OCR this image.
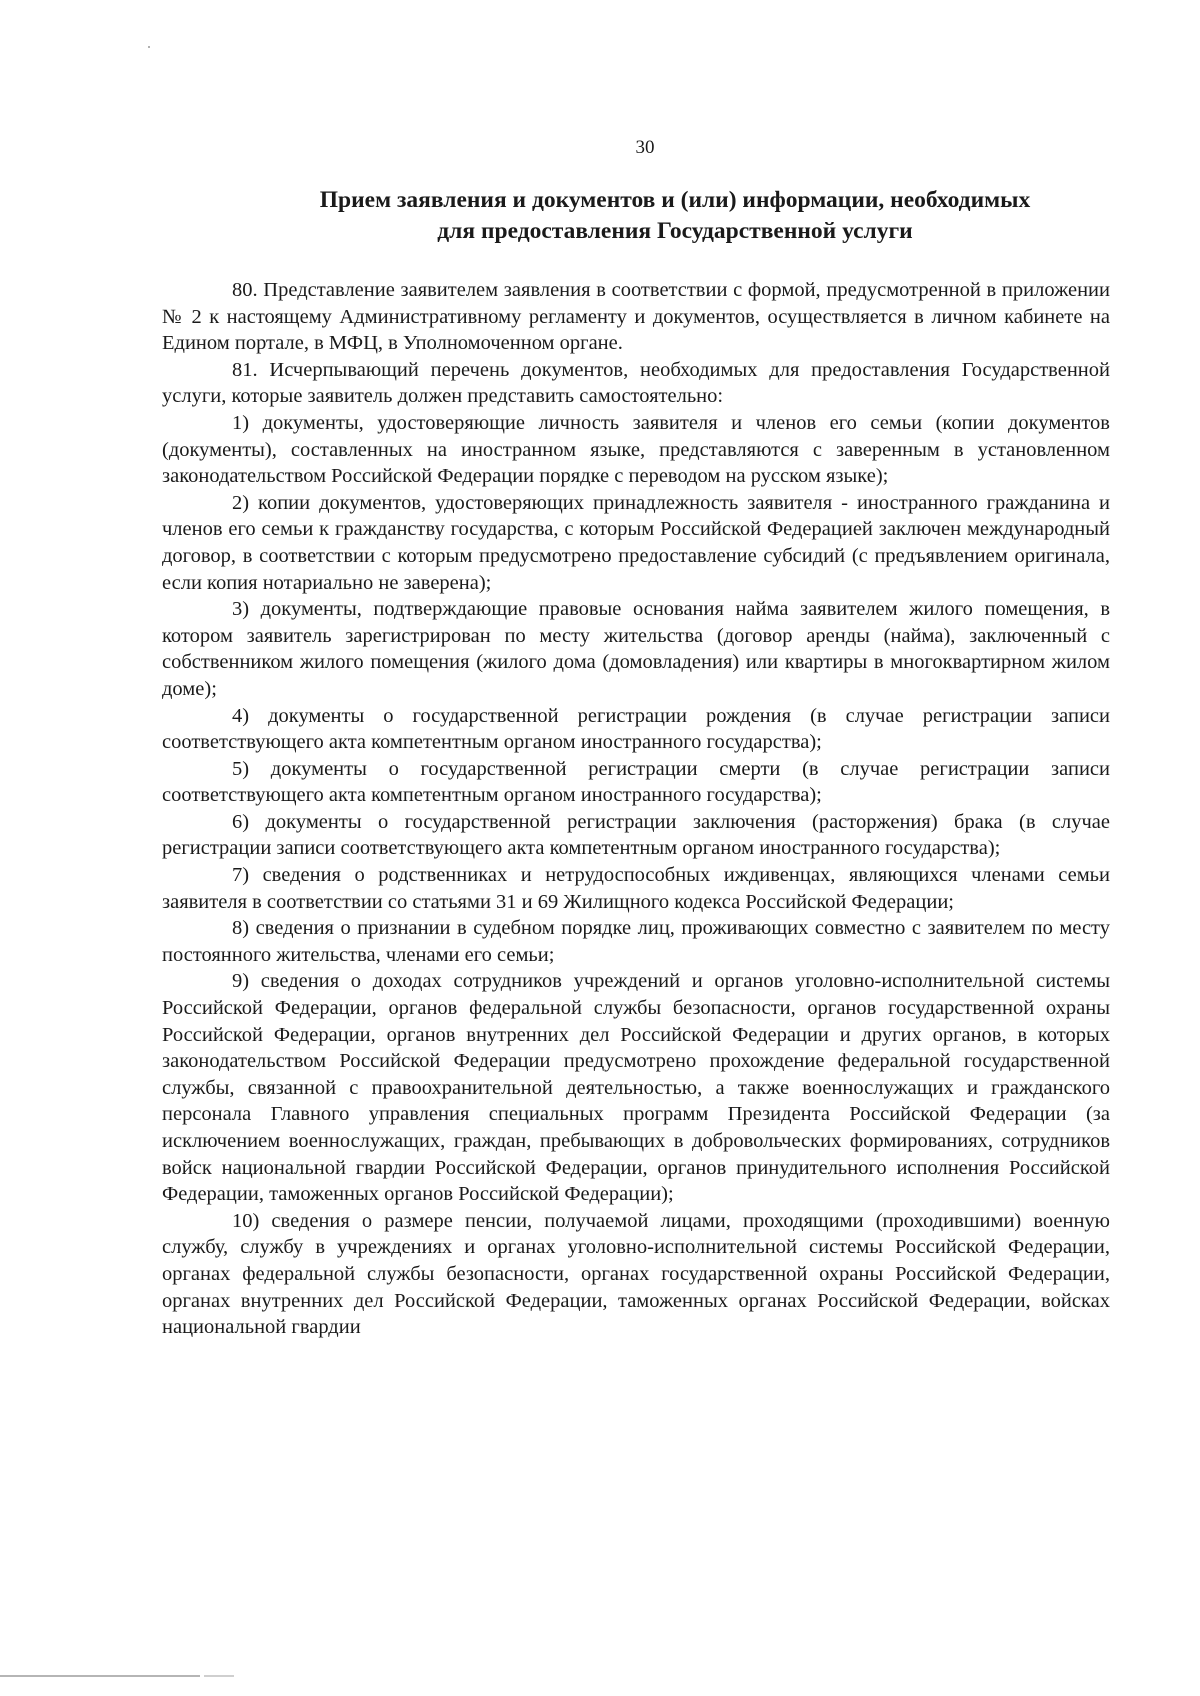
30
Прием заявления и документов и (или) информации, необходимых
для предоставления Государственной услуги

80. Представление заявителем заявления в соответствии с формой, предусмотренной в приложении № 2 к настоящему Административному регламенту и документов, осуществляется в личном кабинете на Едином портале, в МФЦ, в Уполномоченном органе.

81. Исчерпывающий перечень документов, необходимых для предоставления Государственной услуги, которые заявитель должен представить самостоятельно:

1) документы, удостоверяющие личность заявителя и членов его семьи (копии документов (документы), составленных на иностранном языке, представляются с заверенным в установленном законодательством Российской Федерации порядке с переводом на русском языке);

2) копии документов, удостоверяющих принадлежность заявителя - иностранного гражданина и членов его семьи к гражданству государства, с которым Российской Федерацией заключен международный договор, в соответствии с которым предусмотрено предоставление субсидий (с предъявлением оригинала, если копия нотариально не заверена);

3) документы, подтверждающие правовые основания найма заявителем жилого помещения, в котором заявитель зарегистрирован по месту жительства (договор аренды (найма), заключенный с собственником жилого помещения (жилого дома (домовладения) или квартиры в многоквартирном жилом доме);

4) документы о государственной регистрации рождения (в случае регистрации записи соответствующего акта компетентным органом иностранного государства);

5) документы о государственной регистрации смерти (в случае регистрации записи соответствующего акта компетентным органом иностранного государства);

6) документы о государственной регистрации заключения (расторжения) брака (в случае регистрации записи соответствующего акта компетентным органом иностранного государства);

7) сведения о родственниках и нетрудоспособных иждивенцах, являющихся членами семьи заявителя в соответствии со статьями 31 и 69 Жилищного кодекса Российской Федерации;

8) сведения о признании в судебном порядке лиц, проживающих совместно с заявителем по месту постоянного жительства, членами его семьи;

9) сведения о доходах сотрудников учреждений и органов уголовно-исполнительной системы Российской Федерации, органов федеральной службы безопасности, органов государственной охраны Российской Федерации, органов внутренних дел Российской Федерации и других органов, в которых законодательством Российской Федерации предусмотрено прохождение федеральной государственной службы, связанной с правоохранительной деятельностью, а также военнослужащих и гражданского персонала Главного управления специальных программ Президента Российской Федерации (за исключением военнослужащих, граждан, пребывающих в добровольческих формированиях, сотрудников войск национальной гвардии Российской Федерации, органов принудительного исполнения Российской Федерации, таможенных органов Российской Федерации);

10) сведения о размере пенсии, получаемой лицами, проходящими (проходившими) военную службу, службу в учреждениях и органах уголовно-исполнительной системы Российской Федерации, органах федеральной службы безопасности, органах государственной охраны Российской Федерации, органах внутренних дел Российской Федерации, таможенных органах Российской Федерации, войсках национальной гвардии
